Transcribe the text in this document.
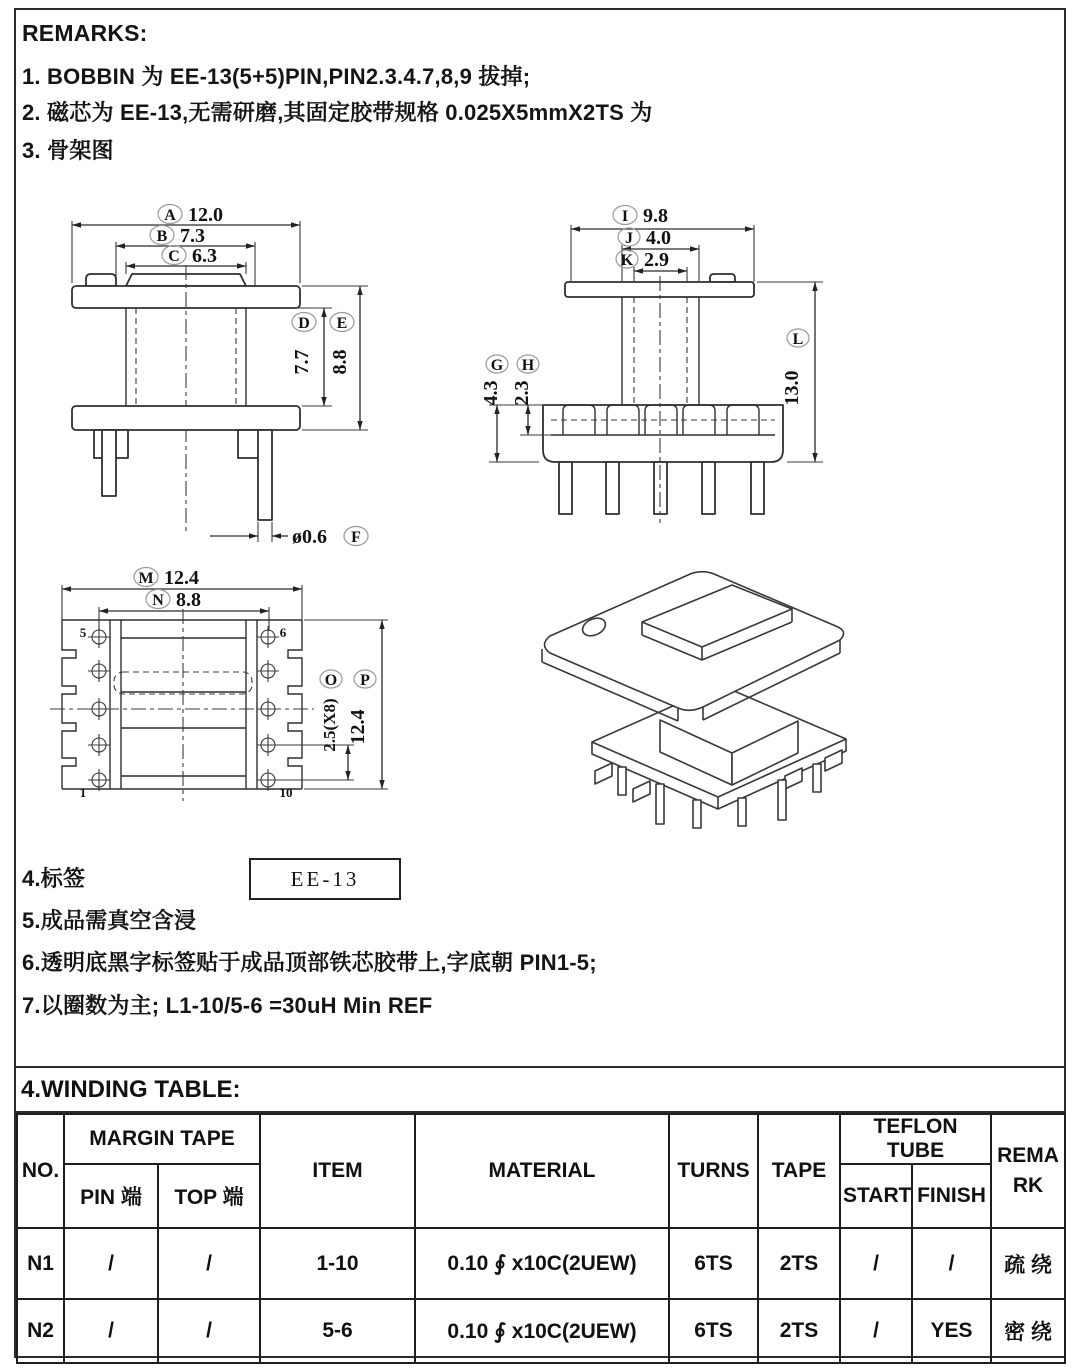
REMARKS:
1. BOBBIN 为 EE-13(5+5)PIN,PIN2.3.4.7,8,9 拔掉;
2. 磁芯为 EE-13,无需研磨,其固定胶带规格 0.025X5mmX2TS 为
3. 骨架图
A 12.0
B 7.3
C 6.3
D
7.7
E
8.8
ø0.6 F
I 9.8
J 4.0
K 2.9
G
4.3
H
2.3
L
13.0
M 12.4
N 8.8
5	6
1	10
O
2.5(X8)
P
12.4
4.标签	EE-13
5.成品需真空含浸
6.透明底黑字标签贴于成品顶部铁芯胶带上,字底朝 PIN1-5;
7.以圈数为主; L1-10/5-6 =30uH Min REF
4.WINDING TABLE:
NO.	MARGIN TAPE		ITEM	MATERIAL	TURNS	TAPE	TEFLON TUBE		REMARK
	PIN 端	TOP 端					START	FINISH	
N1	/	/	1-10	0.10 ∮ x10C(2UEW)	6TS	2TS	/	/	疏 绕
N2	/	/	5-6	0.10 ∮ x10C(2UEW)	6TS	2TS	/	YES	密 绕
